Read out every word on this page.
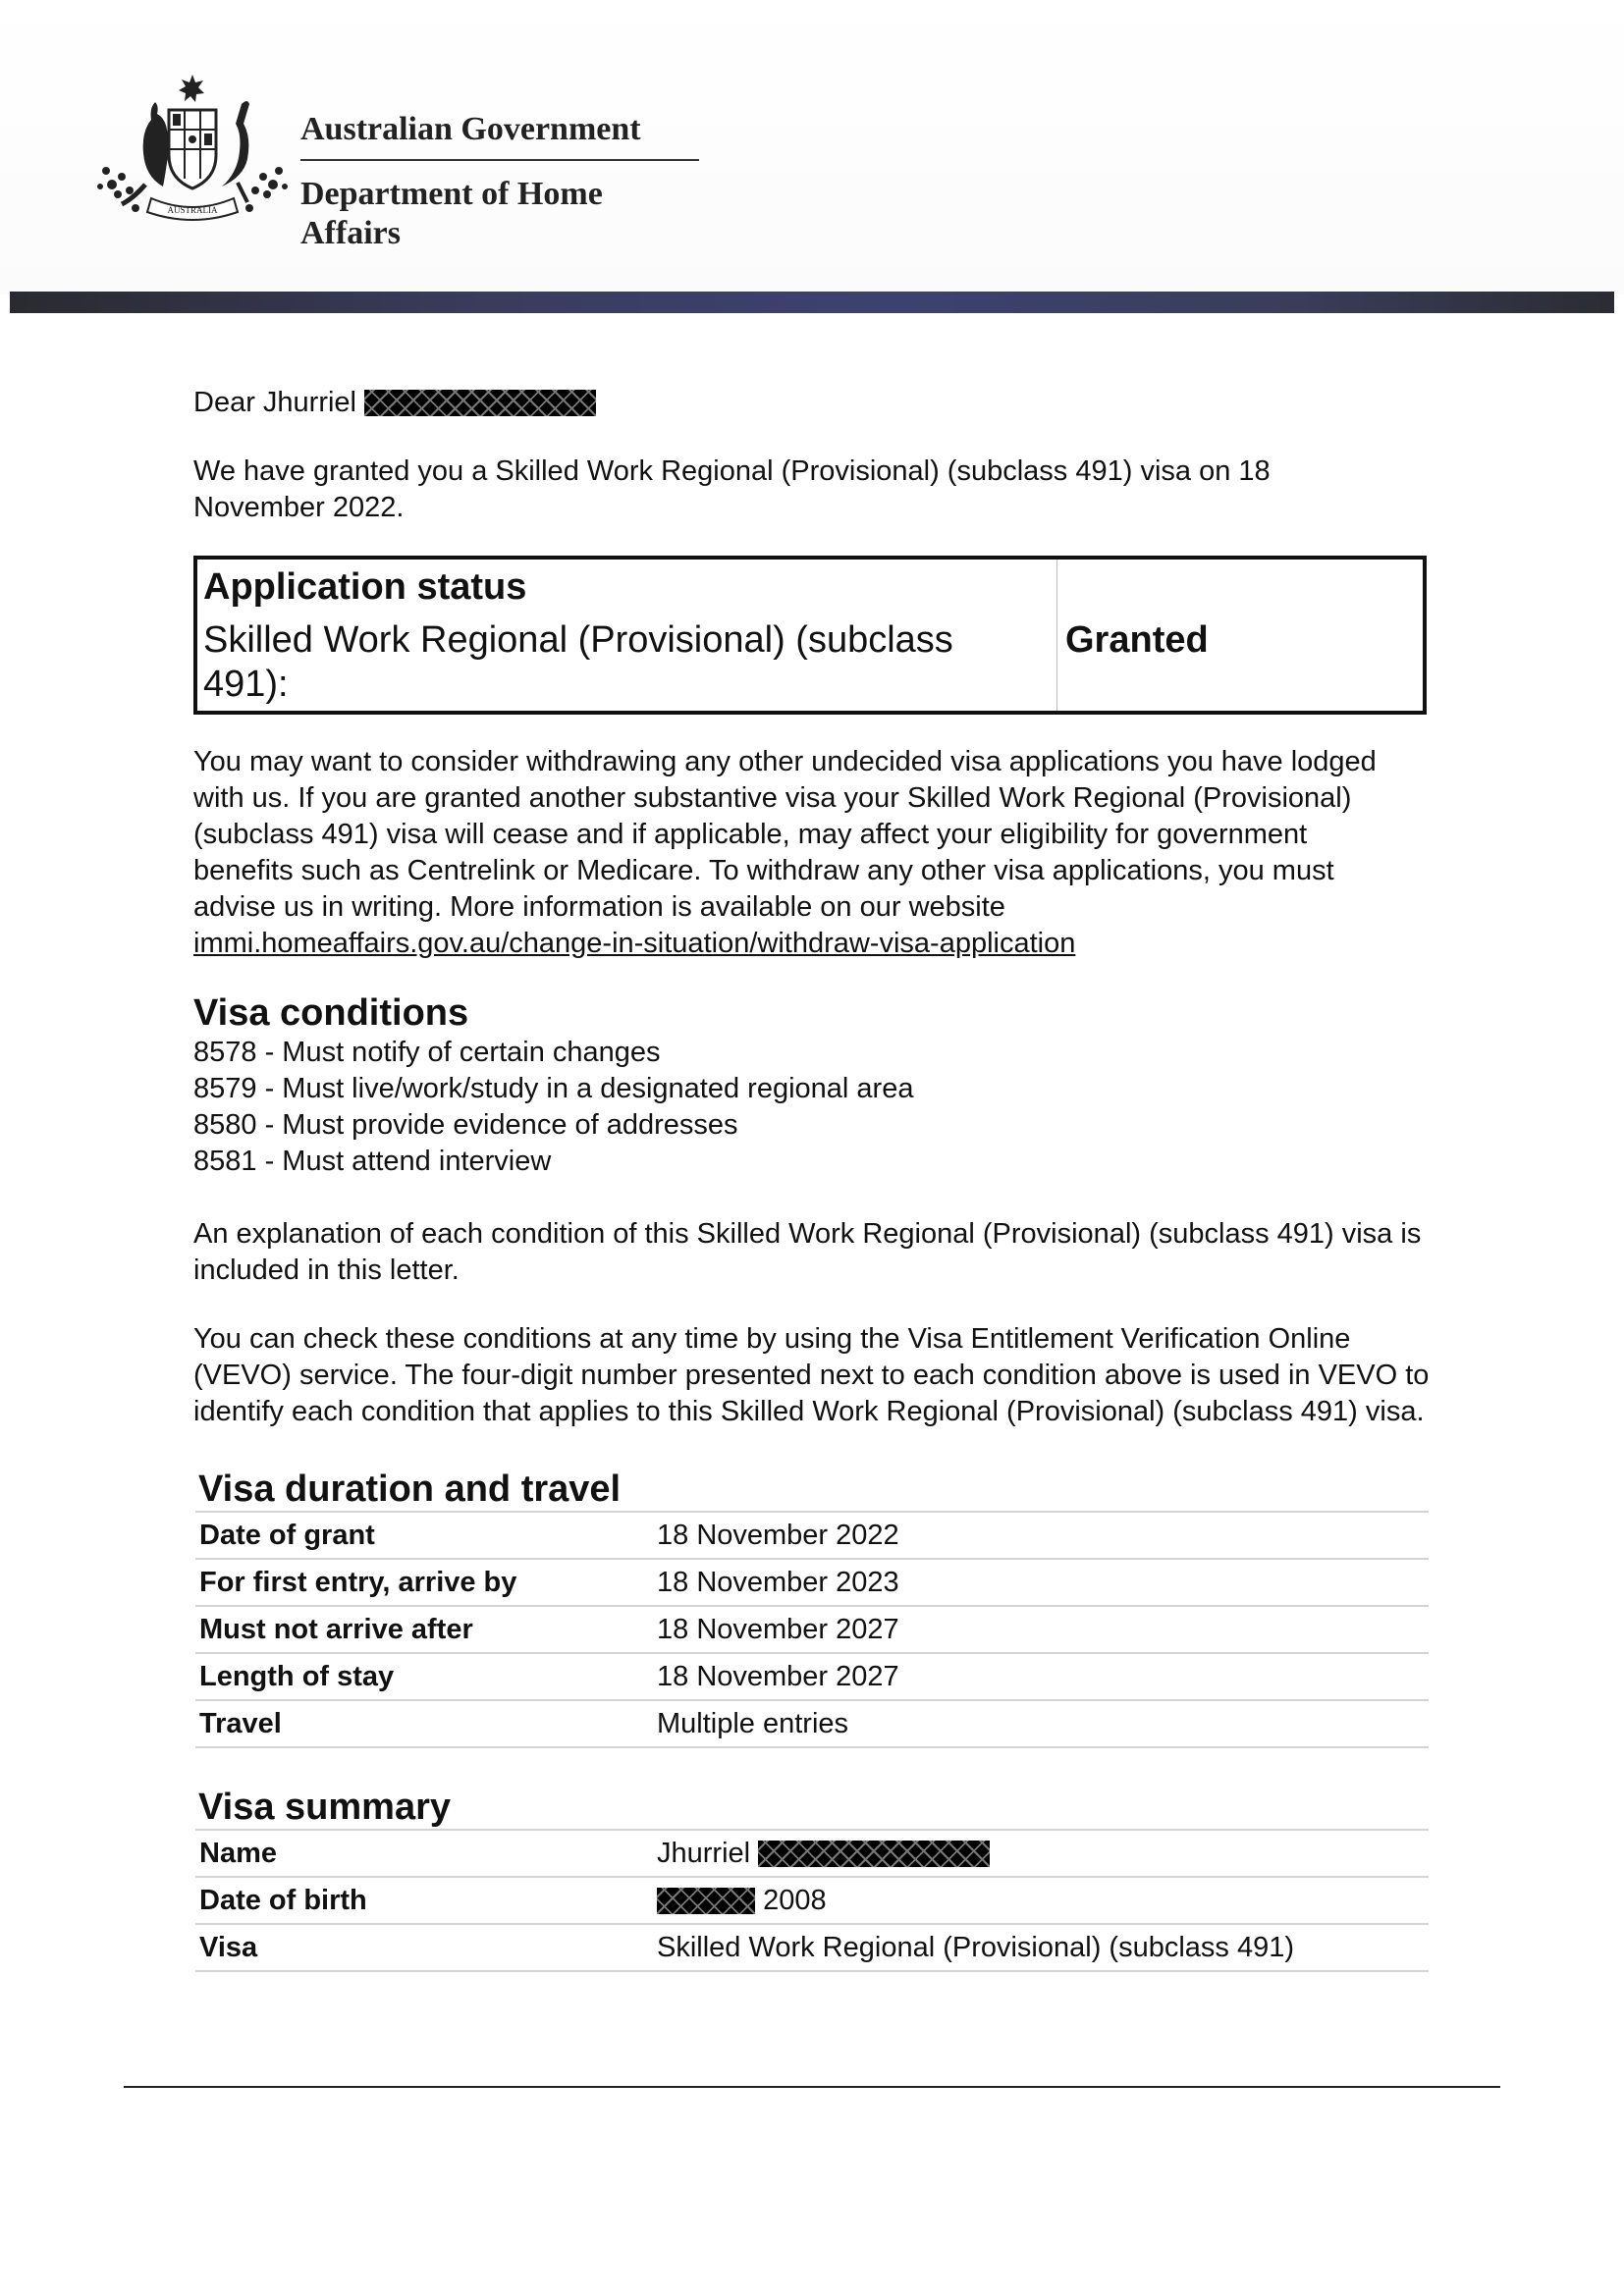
AUSTRALIA
Australian Government
Department of Home Affairs

Dear Jhurriel

We have granted you a Skilled Work Regional (Provisional) (subclass 491) visa on 18 November 2022.

Application status
Skilled Work Regional (Provisional) (subclass 491):
Granted

You may want to consider withdrawing any other undecided visa applications you have lodged with us. If you are granted another substantive visa your Skilled Work Regional (Provisional) (subclass 491) visa will cease and if applicable, may affect your eligibility for government benefits such as Centrelink or Medicare. To withdraw any other visa applications, you must advise us in writing. More information is available on our website immi.homeaffairs.gov.au/change-in-situation/withdraw-visa-application

Visa conditions
8578 - Must notify of certain changes
8579 - Must live/work/study in a designated regional area
8580 - Must provide evidence of addresses
8581 - Must attend interview

An explanation of each condition of this Skilled Work Regional (Provisional) (subclass 491) visa is included in this letter.

You can check these conditions at any time by using the Visa Entitlement Verification Online (VEVO) service. The four-digit number presented next to each condition above is used in VEVO to identify each condition that applies to this Skilled Work Regional (Provisional) (subclass 491) visa.

Visa duration and travel
Date of grant	18 November 2022
For first entry, arrive by	18 November 2023
Must not arrive after	18 November 2027
Length of stay	18 November 2027
Travel	Multiple entries
Visa summary
Name	Jhurriel
Date of birth	2008
Visa	Skilled Work Regional (Provisional) (subclass 491)
